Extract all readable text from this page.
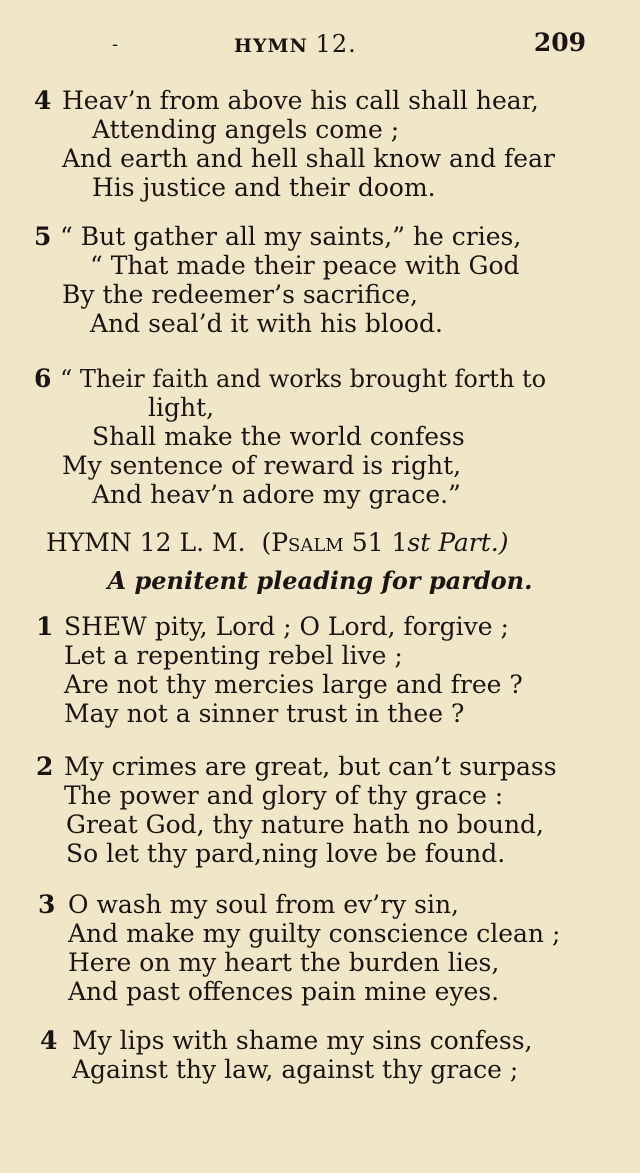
-	HYMN 12.	209
4 Heav’n from above his call shall hear,
Attending angels come ;
And earth and hell shall know and fear
His justice and their doom.
5 “ But gather all my saints,” he cries,
“ That made their peace with God
By the redeemer’s sacrifice,
And seal’d it with his blood.
6 “ Their faith and works brought forth to
light,
Shall make the world confess
My sentence of reward is right,
And heav’n adore my grace.”
HYMN 12 L. M. (PSALM 51 1st Part.)
A penitent pleading for pardon.
1 SHEW pity, Lord ; O Lord, forgive ;
Let a repenting rebel live ;
Are not thy mercies large and free ?
May not a sinner trust in thee ?
2 My crimes are great, but can’t surpass
The power and glory of thy grace :
Great God, thy nature hath no bound,
So let thy pard,ning love be found.
3 O wash my soul from ev’ry sin,
And make my guilty conscience clean ;
Here on my heart the burden lies,
And past offences pain mine eyes.
4 My lips with shame my sins confess,
Against thy law, against thy grace ;
